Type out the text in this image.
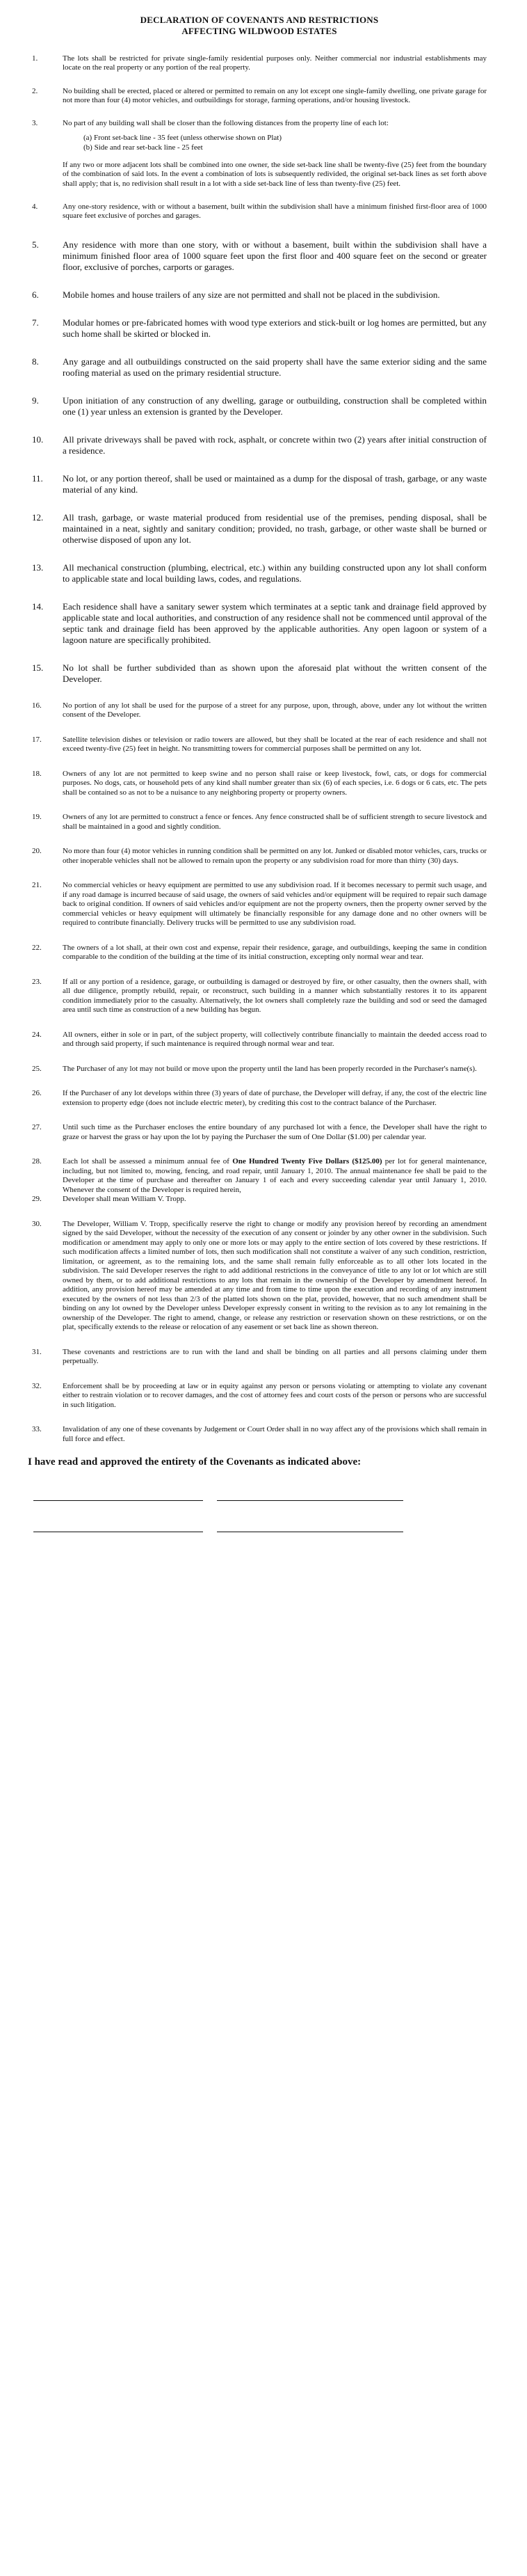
DECLARATION OF COVENANTS AND RESTRICTIONS
AFFECTING WILDWOOD ESTATES
1.	The lots shall be restricted for private single-family residential purposes only. Neither commercial nor industrial establishments may locate on the real property or any portion of the real property.
2.	No building shall be erected, placed or altered or permitted to remain on any lot except one single-family dwelling, one private garage for not more than four (4) motor vehicles, and outbuildings for storage, farming operations, and/or housing livestock.
3.	No part of any building wall shall be closer than the following distances from the property line of each lot:
(a) Front set-back line - 35 feet (unless otherwise shown on Plat)
(b) Side and rear set-back line - 25 feet
If any two or more adjacent lots shall be combined into one owner, the side set-back line shall be twenty-five (25) feet from the boundary of the combination of said lots. In the event a combination of lots is subsequently redivided, the original set-back lines as set forth above shall apply; that is, no redivision shall result in a lot with a side set-back line of less than twenty-five (25) feet.
4.	Any one-story residence, with or without a basement, built within the subdivision shall have a minimum finished first-floor area of 1000 square feet exclusive of porches and garages.
5.	Any residence with more than one story, with or without a basement, built within the subdivision shall have a minimum finished floor area of 1000 square feet upon the first floor and 400 square feet on the second or greater floor, exclusive of porches, carports or garages.
6.	Mobile homes and house trailers of any size are not permitted and shall not be placed in the subdivision.
7.	Modular homes or pre-fabricated homes with wood type exteriors and stick-built or log homes are permitted, but any such home shall be skirted or blocked in.
8.	Any garage and all outbuildings constructed on the said property shall have the same exterior siding and the same roofing material as used on the primary residential structure.
9.	Upon initiation of any construction of any dwelling, garage or outbuilding, construction shall be completed within one (1) year unless an extension is granted by the Developer.
10.	All private driveways shall be paved with rock, asphalt, or concrete within two (2) years after initial construction of a residence.
11.	No lot, or any portion thereof, shall be used or maintained as a dump for the disposal of trash, garbage, or any waste material of any kind.
12.	All trash, garbage, or waste material produced from residential use of the premises, pending disposal, shall be maintained in a neat, sightly and sanitary condition; provided, no trash, garbage, or other waste shall be burned or otherwise disposed of upon any lot.
13.	All mechanical construction (plumbing, electrical, etc.) within any building constructed upon any lot shall conform to applicable state and local building laws, codes, and regulations.
14.	Each residence shall have a sanitary sewer system which terminates at a septic tank and drainage field approved by applicable state and local authorities, and construction of any residence shall not be commenced until approval of the septic tank and drainage field has been approved by the applicable authorities. Any open lagoon or system of a lagoon nature are specifically prohibited.
15.	No lot shall be further subdivided than as shown upon the aforesaid plat without the written consent of the Developer.
16.	No portion of any lot shall be used for the purpose of a street for any purpose, upon, through, above, under any lot without the written consent of the Developer.
17.	Satellite television dishes or television or radio towers are allowed, but they shall be located at the rear of each residence and shall not exceed twenty-five (25) feet in height. No transmitting towers for commercial purposes shall be permitted on any lot.
18.	Owners of any lot are not permitted to keep swine and no person shall raise or keep livestock, fowl, cats, or dogs for commercial purposes. No dogs, cats, or household pets of any kind shall number greater than six (6) of each species, i.e. 6 dogs or 6 cats, etc. The pets shall be contained so as not to be a nuisance to any neighboring property or property owners.
19.	Owners of any lot are permitted to construct a fence or fences. Any fence constructed shall be of sufficient strength to secure livestock and shall be maintained in a good and sightly condition.
20.	No more than four (4) motor vehicles in running condition shall be permitted on any lot. Junked or disabled motor vehicles, cars, trucks or other inoperable vehicles shall not be allowed to remain upon the property or any subdivision road for more than thirty (30) days.
21.	No commercial vehicles or heavy equipment are permitted to use any subdivision road. If it becomes necessary to permit such usage, and if any road damage is incurred because of said usage, the owners of said vehicles and/or equipment will be required to repair such damage back to original condition. If owners of said vehicles and/or equipment are not the property owners, then the property owner served by the commercial vehicles or heavy equipment will ultimately be financially responsible for any damage done and no other owners will be required to contribute financially. Delivery trucks will be permitted to use any subdivision road.
22.	The owners of a lot shall, at their own cost and expense, repair their residence, garage, and outbuildings, keeping the same in condition comparable to the condition of the building at the time of its initial construction, excepting only normal wear and tear.
23.	If all or any portion of a residence, garage, or outbuilding is damaged or destroyed by fire, or other casualty, then the owners shall, with all due diligence, promptly rebuild, repair, or reconstruct, such building in a manner which substantially restores it to its apparent condition immediately prior to the casualty. Alternatively, the lot owners shall completely raze the building and sod or seed the damaged area until such time as construction of a new building has begun.
24.	All owners, either in sole or in part, of the subject property, will collectively contribute financially to maintain the deeded access road to and through said property, if such maintenance is required through normal wear and tear.
25.	The Purchaser of any lot may not build or move upon the property until the land has been properly recorded in the Purchaser's name(s).
26.	If the Purchaser of any lot develops within three (3) years of date of purchase, the Developer will defray, if any, the cost of the electric line extension to property edge (does not include electric meter), by crediting this cost to the contract balance of the Purchaser.
27.	Until such time as the Purchaser encloses the entire boundary of any purchased lot with a fence, the Developer shall have the right to graze or harvest the grass or hay upon the lot by paying the Purchaser the sum of One Dollar ($1.00) per calendar year.
28.	Each lot shall be assessed a minimum annual fee of One Hundred Twenty Five Dollars ($125.00) per lot for general maintenance, including, but not limited to, mowing, fencing, and road repair, until January 1, 2010. The annual maintenance fee shall be paid to the Developer at the time of purchase and thereafter on January 1 of each and every succeeding calendar year until January 1, 2010. Whenever the consent of the Developer is required herein,
29.	Developer shall mean William V. Tropp.
30.	The Developer, William V. Tropp, specifically reserve the right to change or modify any provision hereof by recording an amendment signed by the said Developer, without the necessity of the execution of any consent or joinder by any other owner in the subdivision. Such modification or amendment may apply to only one or more lots or may apply to the entire section of lots covered by these restrictions. If such modification affects a limited number of lots, then such modification shall not constitute a waiver of any such condition, restriction, limitation, or agreement, as to the remaining lots, and the same shall remain fully enforceable as to all other lots located in the subdivision. The said Developer reserves the right to add additional restrictions in the conveyance of title to any lot or lot which are still owned by them, or to add additional restrictions to any lots that remain in the ownership of the Developer by amendment hereof. In addition, any provision hereof may be amended at any time and from time to time upon the execution and recording of any instrument executed by the owners of not less than 2/3 of the platted lots shown on the plat, provided, however, that no such amendment shall be binding on any lot owned by the Developer unless Developer expressly consent in writing to the revision as to any lot remaining in the ownership of the Developer. The right to amend, change, or release any restriction or reservation shown on these restrictions, or on the plat, specifically extends to the release or relocation of any easement or set back line as shown thereon.
31.	These covenants and restrictions are to run with the land and shall be binding on all parties and all persons claiming under them perpetually.
32.	Enforcement shall be by proceeding at law or in equity against any person or persons violating or attempting to violate any covenant either to restrain violation or to recover damages, and the cost of attorney fees and court costs of the person or persons who are successful in such litigation.
33.	Invalidation of any one of these covenants by Judgement or Court Order shall in no way affect any of the provisions which shall remain in full force and effect.
I have read and approved the entirety of the Covenants as indicated above:
